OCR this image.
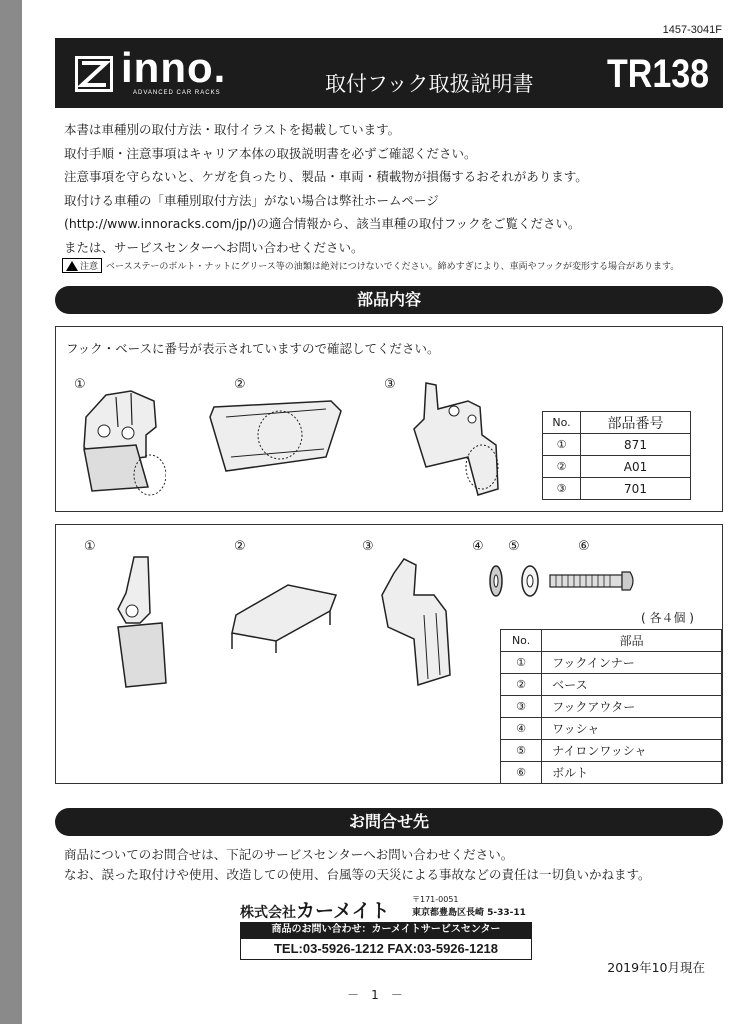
1457-3041F
inno.
ADVANCED CAR RACKS	取付フック取扱説明書 TR138
本書は車種別の取付方法・取付イラストを掲載しています。
取付手順・注意事項はキャリア本体の取扱説明書を必ずご確認ください。
注意事項を守らないと、ケガを負ったり、製品・車両・積載物が損傷するおそれがあります。
取付ける車種の「車種別取付方法」がない場合は弊社ホームページ
(http://www.innoracks.com/jp/)の適合情報から、該当車種の取付フックをご覧ください。
または、サービスセンターへお問い合わせください。
注意 ベースステーのボルト・ナットにグリース等の油類は絶対につけないでください。締めすぎにより、車両やフックが変形する場合があります。
部品内容
フック・ベースに番号が表示されていますので確認してください。
①	②	③
No.	部品番号
①	871
②	A01
③	701
①	②	③	④ ⑤	⑥
( 各４個 )
No.	部品
①	フックインナー
②	ベース
③	フックアウター
④	ワッシャ
⑤	ナイロンワッシャ
⑥	ボルト
お問合せ先
商品についてのお問合せは、下記のサービスセンターへお問い合わせください。
なお、誤った取付けや使用、改造しての使用、台風等の天災による事故などの責任は一切負いかねます。
株式会社カーメイト
〒171-0051
東京都豊島区長崎 5-33-11
商品のお問い合わせ：カーメイトサービスセンター
TEL:03-5926-1212 FAX:03-5926-1218
2019年10月現在
－　1　－
